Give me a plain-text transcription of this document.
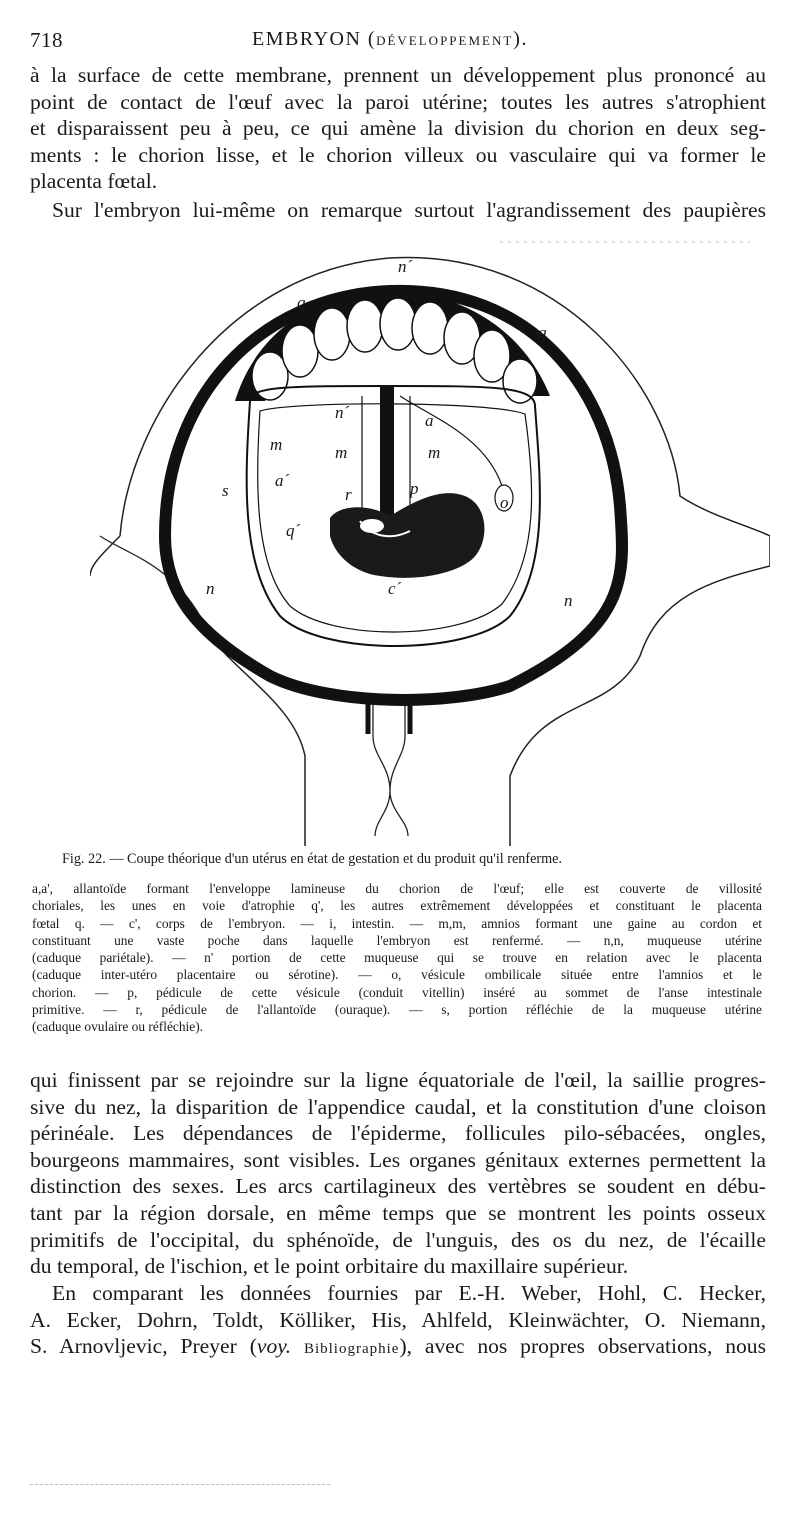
718	EMBRYON (DÉVELOPPEMENT).
à la surface de cette membrane, prennent un développement plus prononcé au
point de contact de l'œuf avec la paroi utérine; toutes les autres s'atrophient
et disparaissent peu à peu, ce qui amène la division du chorion en deux seg-
ments : le chorion lisse, et le chorion villeux ou vasculaire qui va former le
placenta fœtal.
Sur l'embryon lui-même on remarque surtout l'agrandissement des paupières
n´
q
q
n´	a
m	m	m
a´
s	r	p
o
i
q´
c´
n
n
Fig. 22. — Coupe théorique d'un utérus en état de gestation et du produit qu'il renferme.
a,a', allantoïde formant l'enveloppe lamineuse du chorion de l'œuf; elle est couverte de villosité
choriales, les unes en voie d'atrophie q', les autres extrêmement développées et constituant le placenta
fœtal q. — c', corps de l'embryon. — i, intestin. — m,m, amnios formant une gaine au cordon et
constituant une vaste poche dans laquelle l'embryon est renfermé. — n,n, muqueuse utérine
(caduque pariétale). — n' portion de cette muqueuse qui se trouve en relation avec le placenta
(caduque inter-utéro placentaire ou sérotine). — o, vésicule ombilicale située entre l'amnios et le
chorion. — p, pédicule de cette vésicule (conduit vitellin) inséré au sommet de l'anse intestinale
primitive. — r, pédicule de l'allantoïde (ouraque). — s, portion réfléchie de la muqueuse utérine
(caduque ovulaire ou réfléchie).
qui finissent par se rejoindre sur la ligne équatoriale de l'œil, la saillie progres-
sive du nez, la disparition de l'appendice caudal, et la constitution d'une cloison
périnéale. Les dépendances de l'épiderme, follicules pilo-sébacées, ongles,
bourgeons mammaires, sont visibles. Les organes génitaux externes permettent la
distinction des sexes. Les arcs cartilagineux des vertèbres se soudent en débu-
tant par la région dorsale, en même temps que se montrent les points osseux
primitifs de l'occipital, du sphénoïde, de l'unguis, des os du nez, de l'écaille
du temporal, de l'ischion, et le point orbitaire du maxillaire supérieur.
En comparant les données fournies par E.-H. Weber, Hohl, C. Hecker,
A. Ecker, Dohrn, Toldt, Kölliker, His, Ahlfeld, Kleinwächter, O. Niemann,
S. Arnovljevic, Preyer (voy. Bibliographie), avec nos propres observations, nous
